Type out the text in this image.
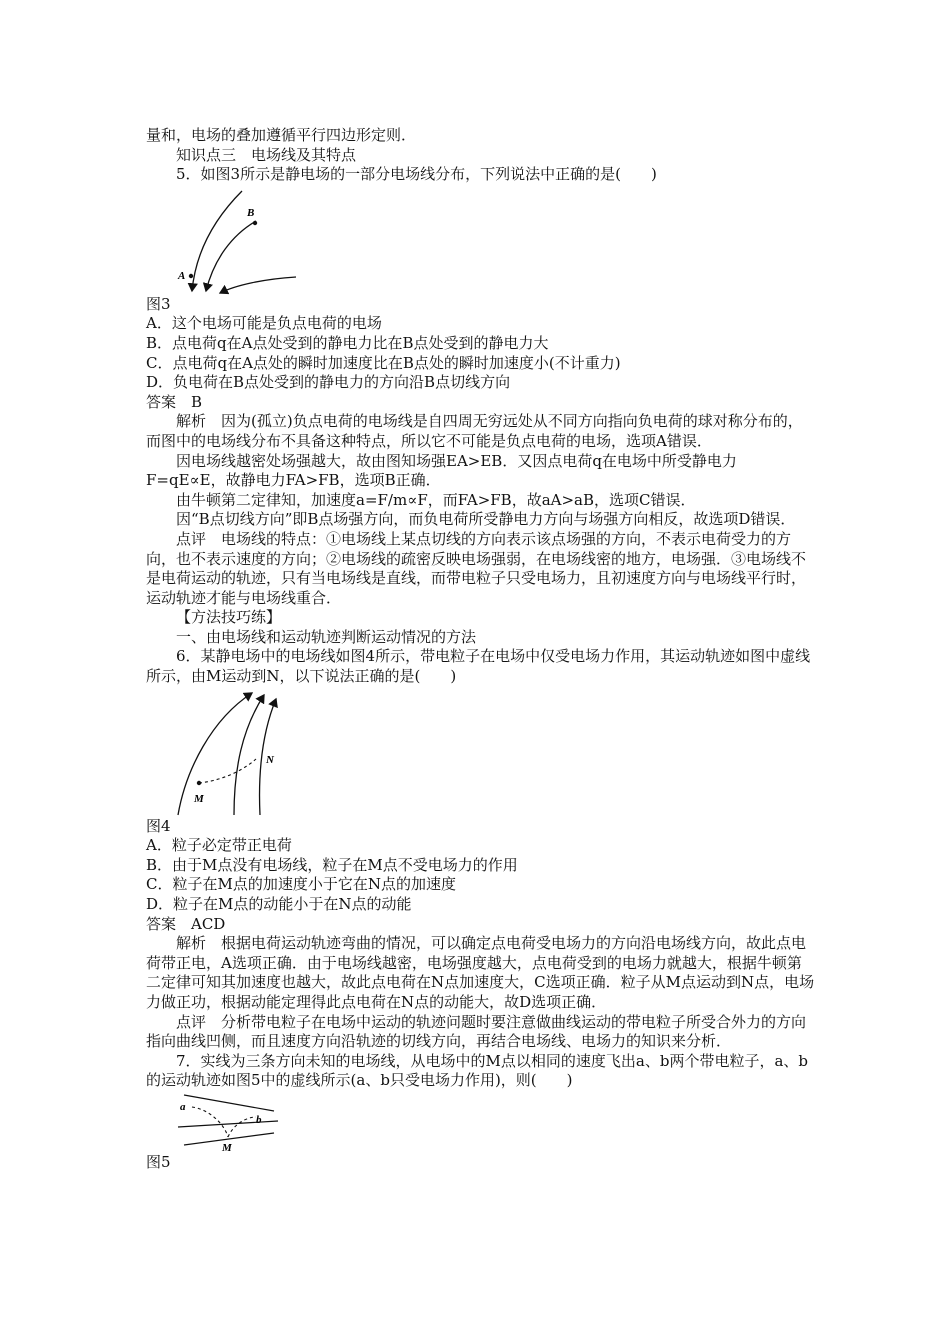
量和，电场的叠加遵循平行四边形定则．

知识点三　电场线及其特点

5．如图3所示是静电场的一部分电场线分布，下列说法中正确的是(　　)

A
B

图3

A．这个电场可能是负点电荷的电场

B．点电荷q在A点处受到的静电力比在B点处受到的静电力大

C．点电荷q在A点处的瞬时加速度比在B点处的瞬时加速度小(不计重力)

D．负电荷在B点处受到的静电力的方向沿B点切线方向

答案　B

解析　因为(孤立)负点电荷的电场线是自四周无穷远处从不同方向指向负电荷的球对称分布的，而图中的电场线分布不具备这种特点，所以它不可能是负点电荷的电场，选项A错误．

因电场线越密处场强越大，故由图知场强EA>EB．又因点电荷q在电场中所受静电力F=qE∝E，故静电力FA>FB，选项B正确．

由牛顿第二定律知，加速度a=F/m∝F，而FA>FB，故aA>aB，选项C错误．

因“B点切线方向”即B点场强方向，而负电荷所受静电力方向与场强方向相反，故选项D错误．

点评　电场线的特点：①电场线上某点切线的方向表示该点场强的方向，不表示电荷受力的方向，也不表示速度的方向；②电场线的疏密反映电场强弱，在电场线密的地方，电场强．③电场线不是电荷运动的轨迹，只有当电场线是直线，而带电粒子只受电场力，且初速度方向与电场线平行时，运动轨迹才能与电场线重合．

【方法技巧练】

一、由电场线和运动轨迹判断运动情况的方法

6．某静电场中的电场线如图4所示，带电粒子在电场中仅受电场力作用，其运动轨迹如图中虚线所示，由M运动到N，以下说法正确的是(　　)

M
N

图4

A．粒子必定带正电荷

B．由于M点没有电场线，粒子在M点不受电场力的作用

C．粒子在M点的加速度小于它在N点的加速度

D．粒子在M点的动能小于在N点的动能

答案　ACD

解析　根据电荷运动轨迹弯曲的情况，可以确定点电荷受电场力的方向沿电场线方向，故此点电荷带正电，A选项正确．由于电场线越密，电场强度越大，点电荷受到的电场力就越大，根据牛顿第二定律可知其加速度也越大，故此点电荷在N点加速度大，C选项正确．粒子从M点运动到N点，电场力做正功，根据动能定理得此点电荷在N点的动能大，故D选项正确．

点评　分析带电粒子在电场中运动的轨迹问题时要注意做曲线运动的带电粒子所受合外力的方向指向曲线凹侧，而且速度方向沿轨迹的切线方向，再结合电场线、电场力的知识来分析．

7．实线为三条方向未知的电场线，从电场中的M点以相同的速度飞出a、b两个带电粒子，a、b的运动轨迹如图5中的虚线所示(a、b只受电场力作用)，则(　　)

a
b
M

图5
